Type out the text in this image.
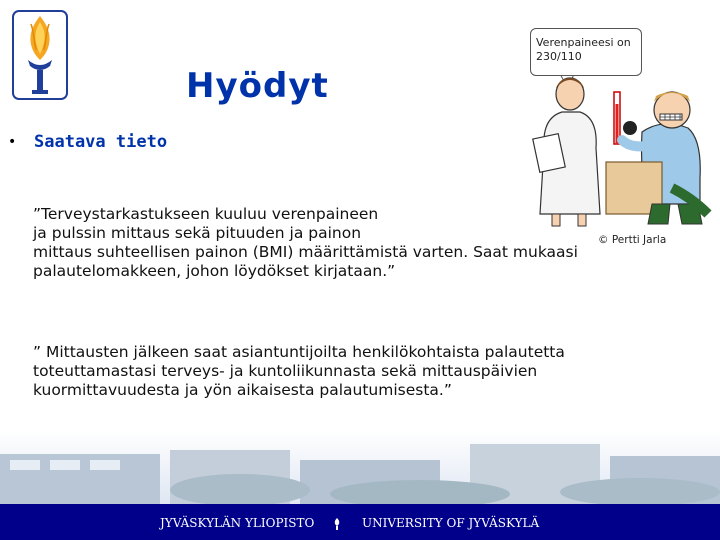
Hyödyt
• Saatava tieto
”Terveystarkastukseen kuuluu verenpaineen
ja pulssin mittaus sekä pituuden ja painon
mittaus suhteellisen painon (BMI) määrittämistä varten. Saat mukaasi
palautelomakkeen, johon löydökset kirjataan.”
” Mittausten jälkeen saat asiantuntijoilta henkilökohtaista palautetta
toteuttamastasi terveys- ja kuntoliikunnasta sekä mittauspäivien
kuormittavuudesta ja yön aikaisesta palautumisesta.”
Verenpaineesi on
230/110
© Pertti Jarla
JYVÄSKYLÄN YLIOPISTO	UNIVERSITY OF JYVÄSKYLÄ
